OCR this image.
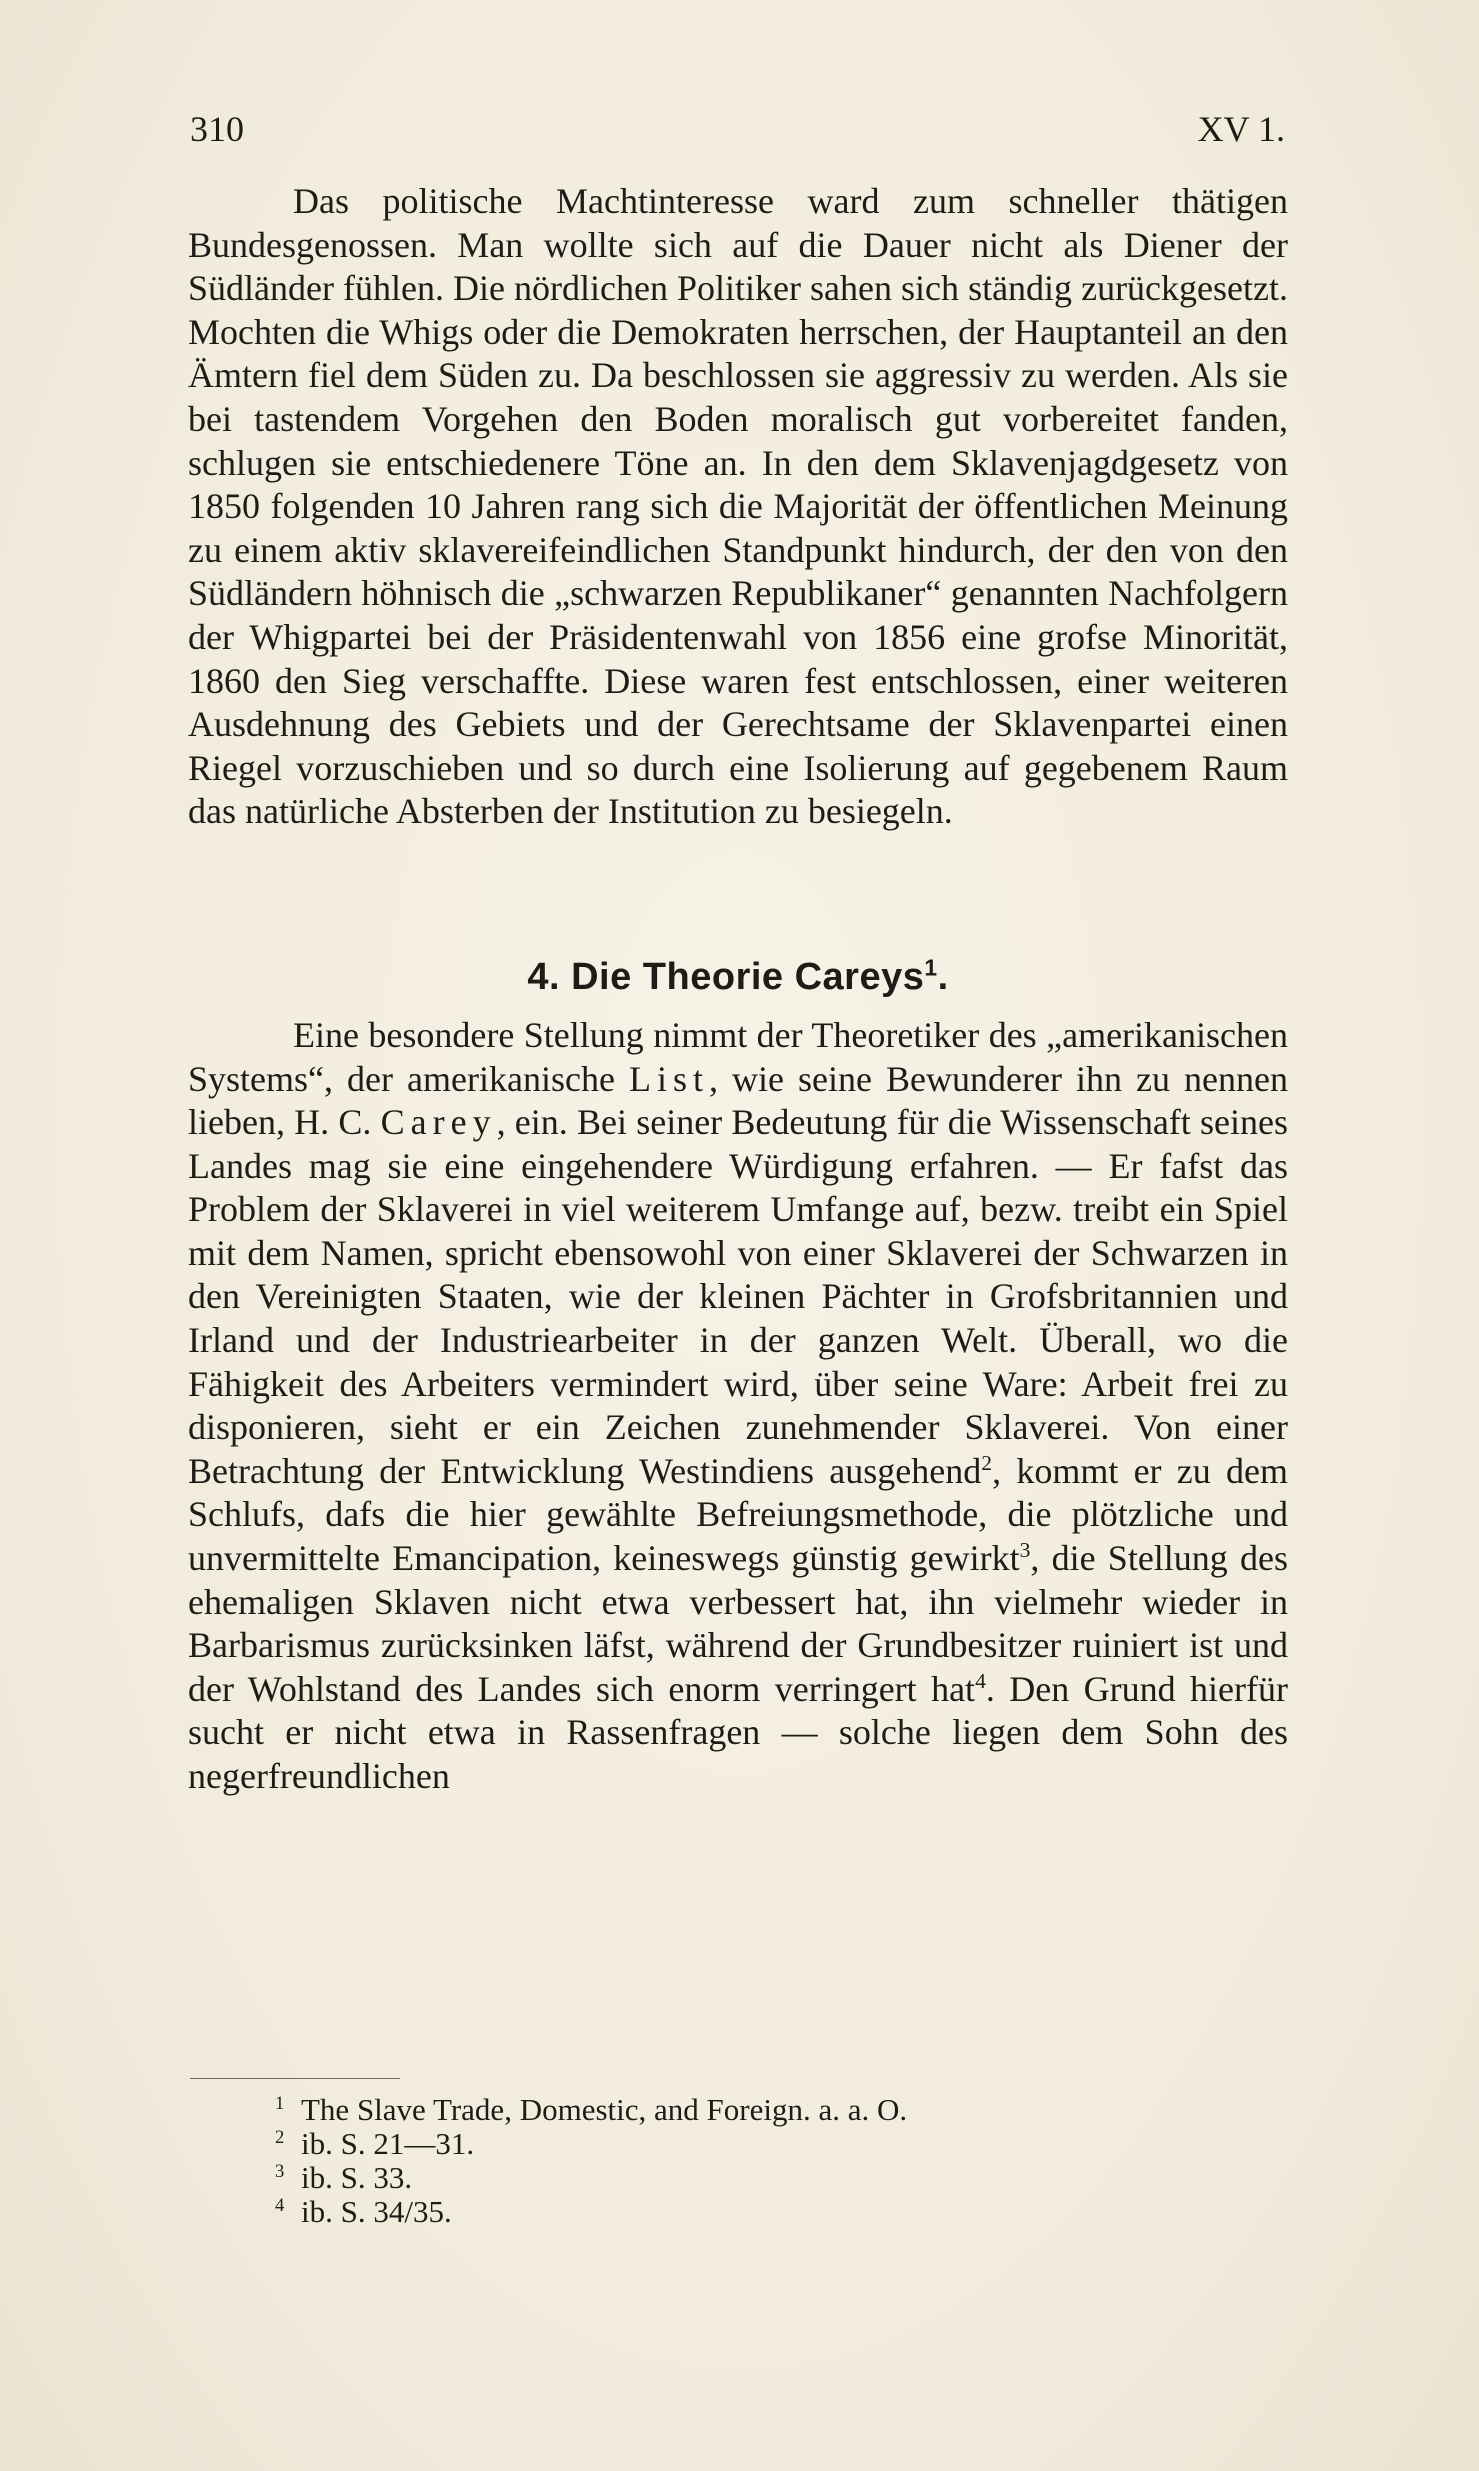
310	XV 1.

Das politische Machtinteresse ward zum schneller thätigen Bundesgenossen. Man wollte sich auf die Dauer nicht als Diener der Südländer fühlen. Die nördlichen Politiker sahen sich ständig zurückgesetzt. Mochten die Whigs oder die Demokraten herrschen, der Hauptanteil an den Ämtern fiel dem Süden zu. Da beschlossen sie aggressiv zu werden. Als sie bei tastendem Vorgehen den Boden moralisch gut vorbereitet fanden, schlugen sie entschiedenere Töne an. In den dem Sklavenjagdgesetz von 1850 folgenden 10 Jahren rang sich die Majorität der öffentlichen Meinung zu einem aktiv sklavereifeindlichen Standpunkt hindurch, der den von den Südländern höhnisch die „schwarzen Republikaner“ genannten Nachfolgern der Whigpartei bei der Präsidentenwahl von 1856 eine grofse Minorität, 1860 den Sieg verschaffte. Diese waren fest entschlossen, einer weiteren Ausdehnung des Gebiets und der Gerechtsame der Sklavenpartei einen Riegel vorzuschieben und so durch eine Isolierung auf gegebenem Raum das natürliche Absterben der Institution zu besiegeln.

4. Die Theorie Careys$^1$.

Eine besondere Stellung nimmt der Theoretiker des „amerikanischen Systems“, der amerikanische List, wie seine Bewunderer ihn zu nennen lieben, H. C. Carey, ein. Bei seiner Bedeutung für die Wissenschaft seines Landes mag sie eine eingehendere Würdigung erfahren. — Er fafst das Problem der Sklaverei in viel weiterem Umfange auf, bezw. treibt ein Spiel mit dem Namen, spricht ebensowohl von einer Sklaverei der Schwarzen in den Vereinigten Staaten, wie der kleinen Pächter in Grofsbritannien und Irland und der Industriearbeiter in der ganzen Welt. Überall, wo die Fähigkeit des Arbeiters vermindert wird, über seine Ware: Arbeit frei zu disponieren, sieht er ein Zeichen zunehmender Sklaverei. Von einer Betrachtung der Entwicklung Westindiens ausgehend$^2$, kommt er zu dem Schlufs, dafs die hier gewählte Befreiungsmethode, die plötzliche und unvermittelte Emancipation, keineswegs günstig gewirkt$^3$, die Stellung des ehemaligen Sklaven nicht etwa verbessert hat, ihn vielmehr wieder in Barbarismus zurücksinken läfst, während der Grundbesitzer ruiniert ist und der Wohlstand des Landes sich enorm verringert hat$^4$. Den Grund hierfür sucht er nicht etwa in Rassenfragen — solche liegen dem Sohn des negerfreundlichen

1 The Slave Trade, Domestic, and Foreign. a. a. O.

2 ib. S. 21—31.

3 ib. S. 33.

4 ib. S. 34/35.
